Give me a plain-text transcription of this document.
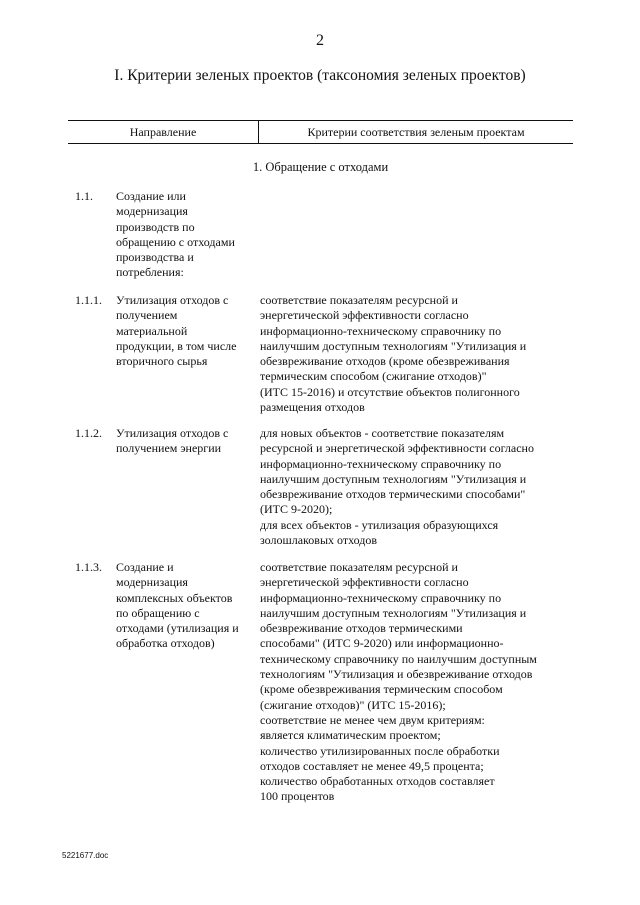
2
I. Критерии зеленых проектов (таксономия зеленых проектов)
Направление	Критерии соответствия зеленым проектам
1. Обращение с отходами
1.1. Создание или
модернизация
производств по
обращению с отходами
производства и
потребления:
1.1.1. Утилизация отходов с
получением
материальной
продукции, в том числе
вторичного сырья
соответствие показателям ресурсной и
энергетической эффективности согласно
информационно-техническому справочнику по
наилучшим доступным технологиям "Утилизация и
обезвреживание отходов (кроме обезвреживания
термическим способом (сжигание отходов)"
(ИТС 15-2016) и отсутствие объектов полигонного
размещения отходов
1.1.2. Утилизация отходов с
получением энергии
для новых объектов - соответствие показателям
ресурсной и энергетической эффективности согласно
информационно-техническому справочнику по
наилучшим доступным технологиям "Утилизация и
обезвреживание отходов термическими способами"
(ИТС 9-2020);
для всех объектов - утилизация образующихся
золошлаковых отходов
1.1.3. Создание и
модернизация
комплексных объектов
по обращению с
отходами (утилизация и
обработка отходов)
соответствие показателям ресурсной и
энергетической эффективности согласно
информационно-техническому справочнику по
наилучшим доступным технологиям "Утилизация и
обезвреживание отходов термическими
способами" (ИТС 9-2020) или информационно-
техническому справочнику по наилучшим доступным
технологиям "Утилизация и обезвреживание отходов
(кроме обезвреживания термическим способом
(сжигание отходов)" (ИТС 15-2016);
соответствие не менее чем двум критериям:
является климатическим проектом;
количество утилизированных после обработки
отходов составляет не менее 49,5 процента;
количество обработанных отходов составляет
100 процентов
5221677.doc
